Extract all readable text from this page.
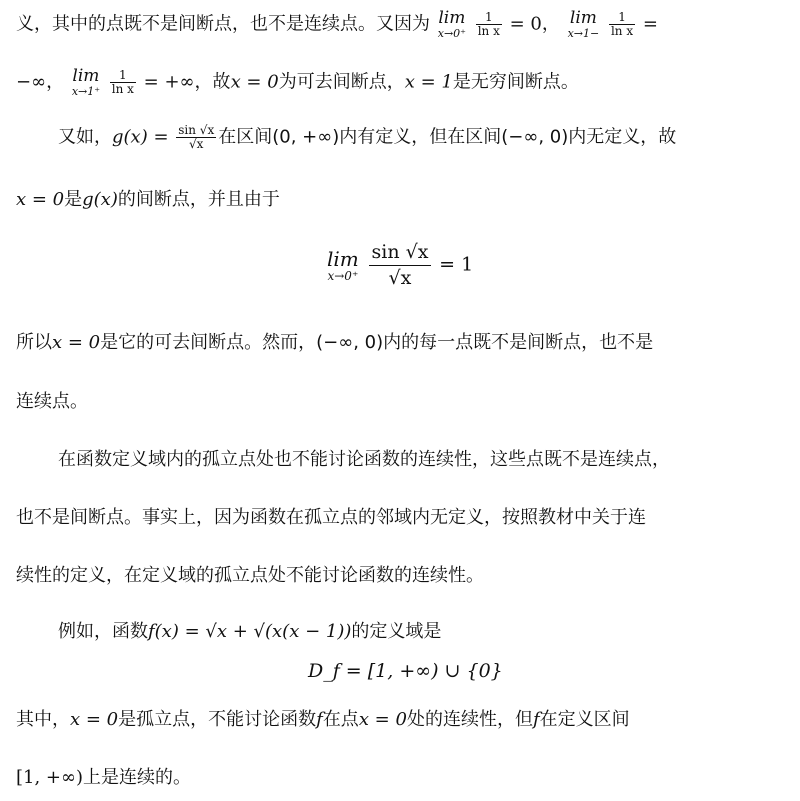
义，其中的点既不是间断点，也不是连续点。又因为 lim
x→0⁺
$\frac{1}{\text{ln x}} = 0$， lim
x→1−
$\frac{1}{\text{ln x}}$ =
−∞， lim
x→1⁺
$\frac{1}{\text{ln x}}$ = +∞，故x = 0为可去间断点，x = 1是无穷间断点。
又如，$g(x) = \frac{\sin √x}{√x}$ 在区间(0, +∞)内有定义，但在区间(−∞, 0)内无定义，故
x = 0是g(x)的间断点，并且由于
lim
x→0⁺
$\frac{\sin √x}{√x} = 1$
所以x = 0是它的可去间断点。然而，(−∞, 0)内的每一点既不是间断点，也不是
连续点。
在函数定义域内的孤立点处也不能讨论函数的连续性，这些点既不是连续点，
也不是间断点。事实上，因为函数在孤立点的邻域内无定义，按照教材中关于连
续性的定义，在定义域的孤立点处不能讨论函数的连续性。
例如，函数f(x) = √x + √(x(x − 1))的定义域是
D_f = [1, +∞) ∪ {0}
其中，x = 0是孤立点，不能讨论函数f在点x = 0处的连续性，但f在定义区间
[1, +∞)上是连续的。
